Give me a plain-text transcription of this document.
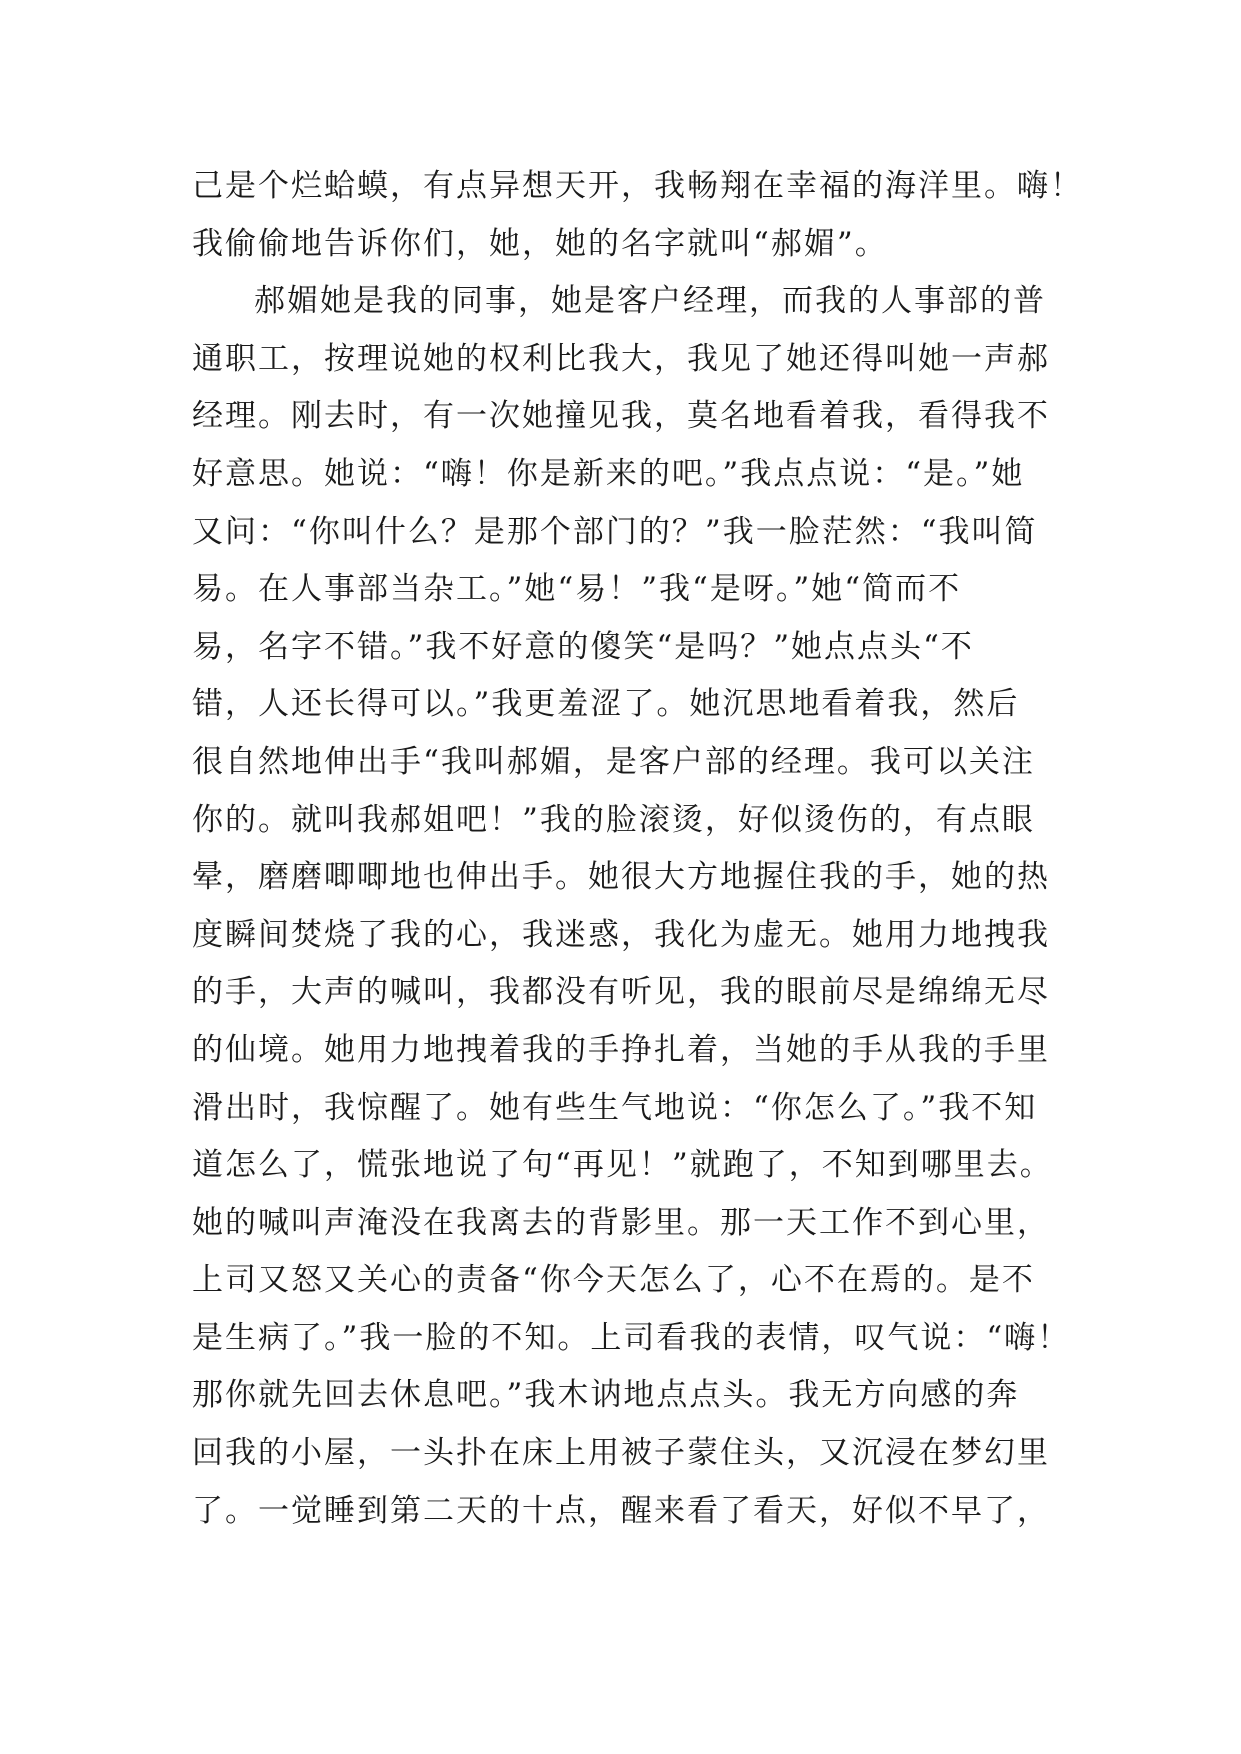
己是个烂蛤蟆，有点异想天开，我畅翔在幸福的海洋里。嗨！
我偷偷地告诉你们，她，她的名字就叫“郝媚”。
郝媚她是我的同事，她是客户经理，而我的人事部的普
通职工，按理说她的权利比我大，我见了她还得叫她一声郝
经理。刚去时，有一次她撞见我，莫名地看着我，看得我不
好意思。她说：“嗨！你是新来的吧。”我点点说：“是。”她
又问：“你叫什么？是那个部门的？”我一脸茫然：“我叫简
易。在人事部当杂工。”她“易！”我“是呀。”她“简而不
易，名字不错。”我不好意的傻笑“是吗？”她点点头“不
错，人还长得可以。”我更羞涩了。她沉思地看着我，然后
很自然地伸出手“我叫郝媚，是客户部的经理。我可以关注
你的。就叫我郝姐吧！”我的脸滚烫，好似烫伤的，有点眼
晕，磨磨唧唧地也伸出手。她很大方地握住我的手，她的热
度瞬间焚烧了我的心，我迷惑，我化为虚无。她用力地拽我
的手，大声的喊叫，我都没有听见，我的眼前尽是绵绵无尽
的仙境。她用力地拽着我的手挣扎着，当她的手从我的手里
滑出时，我惊醒了。她有些生气地说：“你怎么了。”我不知
道怎么了，慌张地说了句“再见！”就跑了，不知到哪里去。
她的喊叫声淹没在我离去的背影里。那一天工作不到心里，
上司又怒又关心的责备“你今天怎么了，心不在焉的。是不
是生病了。”我一脸的不知。上司看我的表情，叹气说：“嗨！
那你就先回去休息吧。”我木讷地点点头。我无方向感的奔
回我的小屋，一头扑在床上用被子蒙住头，又沉浸在梦幻里
了。一觉睡到第二天的十点，醒来看了看天，好似不早了，
